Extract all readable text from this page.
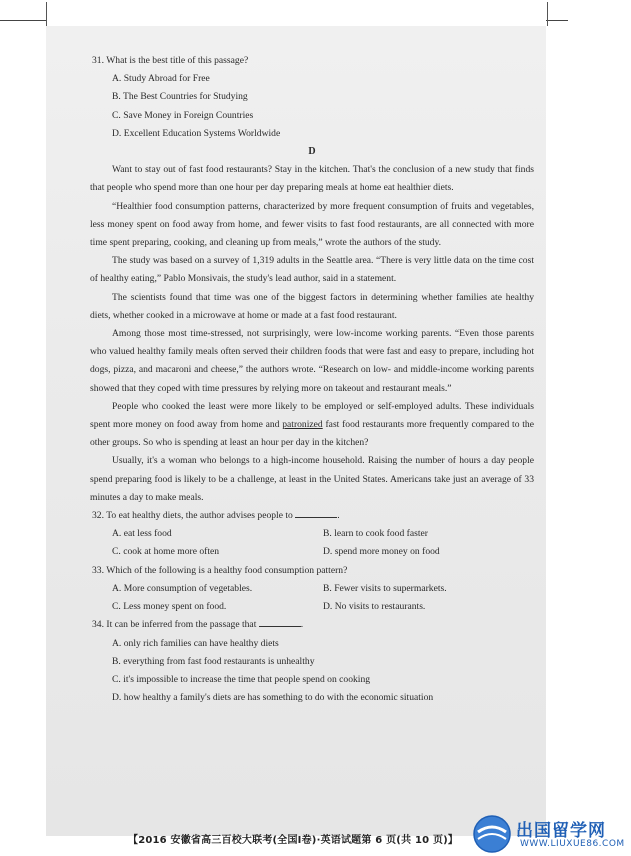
31. What is the best title of this passage?

A. Study Abroad for Free

B. The Best Countries for Studying

C. Save Money in Foreign Countries

D. Excellent Education Systems Worldwide

D

Want to stay out of fast food restaurants? Stay in the kitchen. That's the conclusion of a new study that finds that people who spend more than one hour per day preparing meals at home eat healthier diets.

“Healthier food consumption patterns, characterized by more frequent consumption of fruits and vegetables, less money spent on food away from home, and fewer visits to fast food restaurants, are all connected with more time spent preparing, cooking, and cleaning up from meals,” wrote the authors of the study.

The study was based on a survey of 1,319 adults in the Seattle area. “There is very little data on the time cost of healthy eating,” Pablo Monsivais, the study's lead author, said in a statement.

The scientists found that time was one of the biggest factors in determining whether families ate healthy diets, whether cooked in a microwave at home or made at a fast food restaurant.

Among those most time-stressed, not surprisingly, were low-income working parents. “Even those parents who valued healthy family meals often served their children foods that were fast and easy to prepare, including hot dogs, pizza, and macaroni and cheese,” the authors wrote. “Research on low- and middle-income working parents showed that they coped with time pressures by relying more on takeout and restaurant meals.”

People who cooked the least were more likely to be employed or self-employed adults. These individuals spent more money on food away from home and patronized fast food restaurants more frequently compared to the other groups. So who is spending at least an hour per day in the kitchen?

Usually, it's a woman who belongs to a high-income household. Raising the number of hours a day people spend preparing food is likely to be a challenge, at least in the United States. Americans take just an average of 33 minutes a day to make meals.

32. To eat healthy diets, the author advises people to	.

A. eat less food	B. learn to cook food faster
C. cook at home more often	D. spend more money on food

33. Which of the following is a healthy food consumption pattern?

A. More consumption of vegetables.	B. Fewer visits to supermarkets.
C. Less money spent on food.	D. No visits to restaurants.

34. It can be inferred from the passage that	.

A. only rich families can have healthy diets

B. everything from fast food restaurants is unhealthy

C. it's impossible to increase the time that people spend on cooking

D. how healthy a family's diets are has something to do with the economic situation

【2016 安徽省高三百校大联考(全国Ⅰ卷)·英语试题第 6 页(共 10 页)】	出国留学网
WWW.LIUXUE86.COM
